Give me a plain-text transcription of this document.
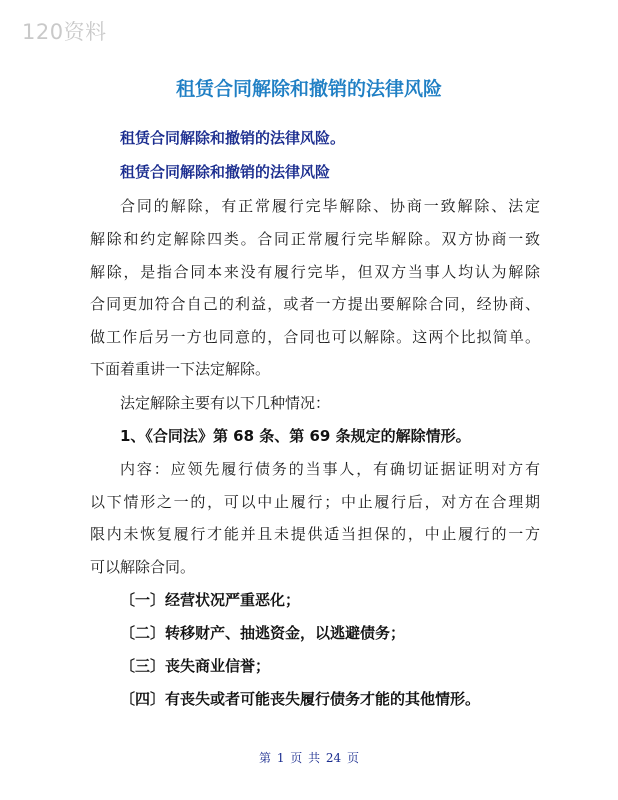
120资料
租赁合同解除和撤销的法律风险
租赁合同解除和撤销的法律风险。
租赁合同解除和撤销的法律风险
合同的解除，有正常履行完毕解除、协商一致解除、法定
解除和约定解除四类。合同正常履行完毕解除。双方协商一致
解除，是指合同本来没有履行完毕，但双方当事人均认为解除
合同更加符合自己的利益，或者一方提出要解除合同，经协商、
做工作后另一方也同意的，合同也可以解除。这两个比拟简单。
下面着重讲一下法定解除。
法定解除主要有以下几种情况：
1、《合同法》第 68 条、第 69 条规定的解除情形。
内容：应领先履行债务的当事人，有确切证据证明对方有
以下情形之一的，可以中止履行；中止履行后，对方在合理期
限内未恢复履行才能并且未提供适当担保的，中止履行的一方
可以解除合同。
〔一〕经营状况严重恶化；
〔二〕转移财产、抽逃资金，以逃避债务；
〔三〕丧失商业信誉；
〔四〕有丧失或者可能丧失履行债务才能的其他情形。
第 1 页 共 24 页
